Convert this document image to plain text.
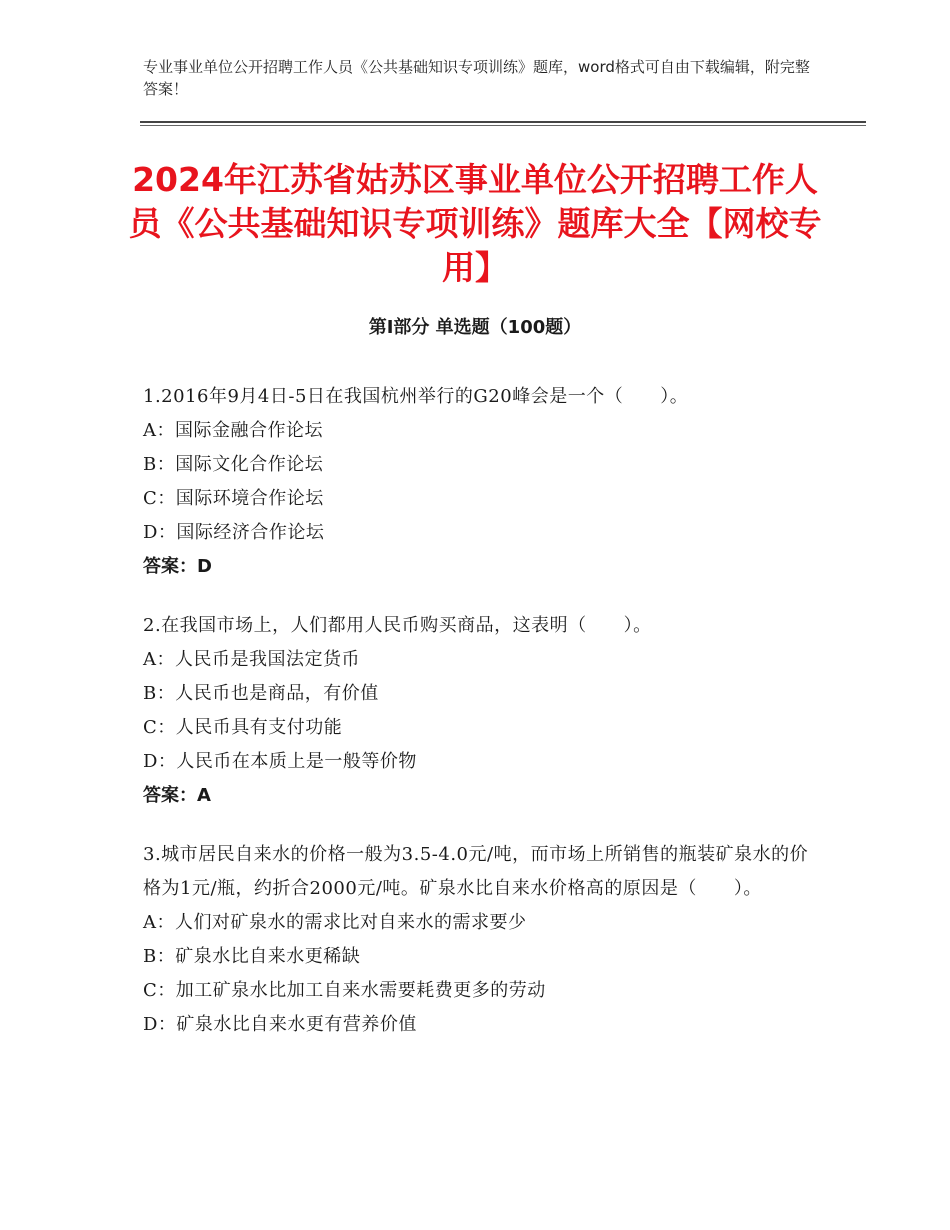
专业事业单位公开招聘工作人员《公共基础知识专项训练》题库，word格式可自由下载编辑，附完整答案！
2024年江苏省姑苏区事业单位公开招聘工作人员《公共基础知识专项训练》题库大全【网校专用】
第Ⅰ部分 单选题（100题）
1.2016年9月4日-5日在我国杭州举行的G20峰会是一个（　　）。
A：国际金融合作论坛
B：国际文化合作论坛
C：国际环境合作论坛
D：国际经济合作论坛
答案：D
2.在我国市场上，人们都用人民币购买商品，这表明（　　）。
A：人民币是我国法定货币
B：人民币也是商品，有价值
C：人民币具有支付功能
D：人民币在本质上是一般等价物
答案：A
3.城市居民自来水的价格一般为3.5-4.0元/吨，而市场上所销售的瓶装矿泉水的价格为1元/瓶，约折合2000元/吨。矿泉水比自来水价格高的原因是（　　）。
A：人们对矿泉水的需求比对自来水的需求要少
B：矿泉水比自来水更稀缺
C：加工矿泉水比加工自来水需要耗费更多的劳动
D：矿泉水比自来水更有营养价值
